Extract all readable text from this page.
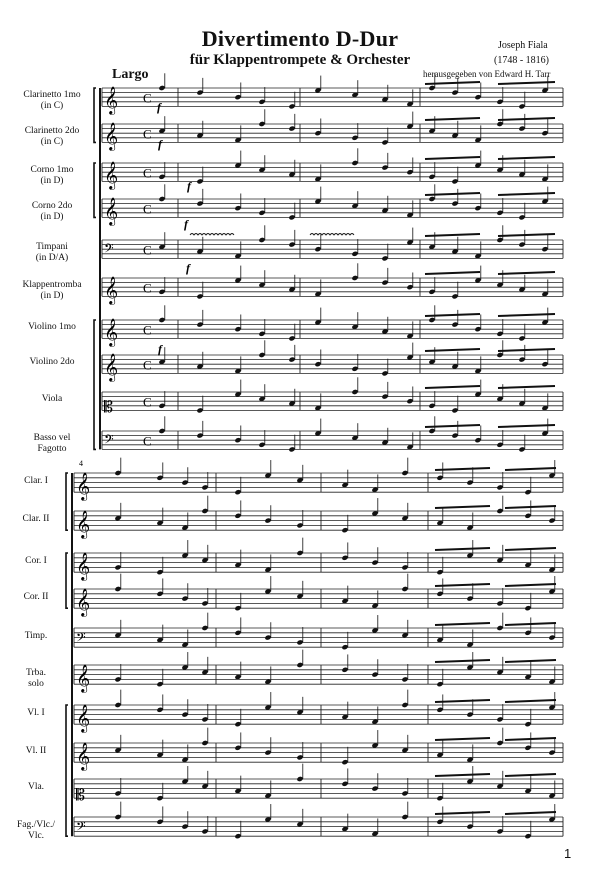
Divertimento D-Dur
für Klappentrompete & Orchester
Joseph Fiala
(1748 - 1816)
herausgegeben von Edward H. Tarr
Largo
Clarinetto 1mo
(in C)
Clarinetto 2do
(in C)
Corno 1mo
(in D)
Corno 2do
(in D)
Timpani
(in D/A)
Klappentromba
(in D)
Violino 1mo
Violino 2do
Viola
Basso vel
Fagotto
Clar. I
Clar. II
Cor. I
Cor. II
Timp.
Trba.
solo
Vl. I
Vl. II
Vla.
Fag./Vlc./
Vlc.
𝄞
𝄞
𝄞
𝄞
𝄢
𝄞
𝄞
𝄞
𝄡
𝄢
𝄞
𝄞
𝄞
𝄞
𝄢
𝄞
𝄞
𝄞
𝄡
𝄢
C
C
C
C
C
C
C
C
C
C
f
f
f
f
f
f
4
1
